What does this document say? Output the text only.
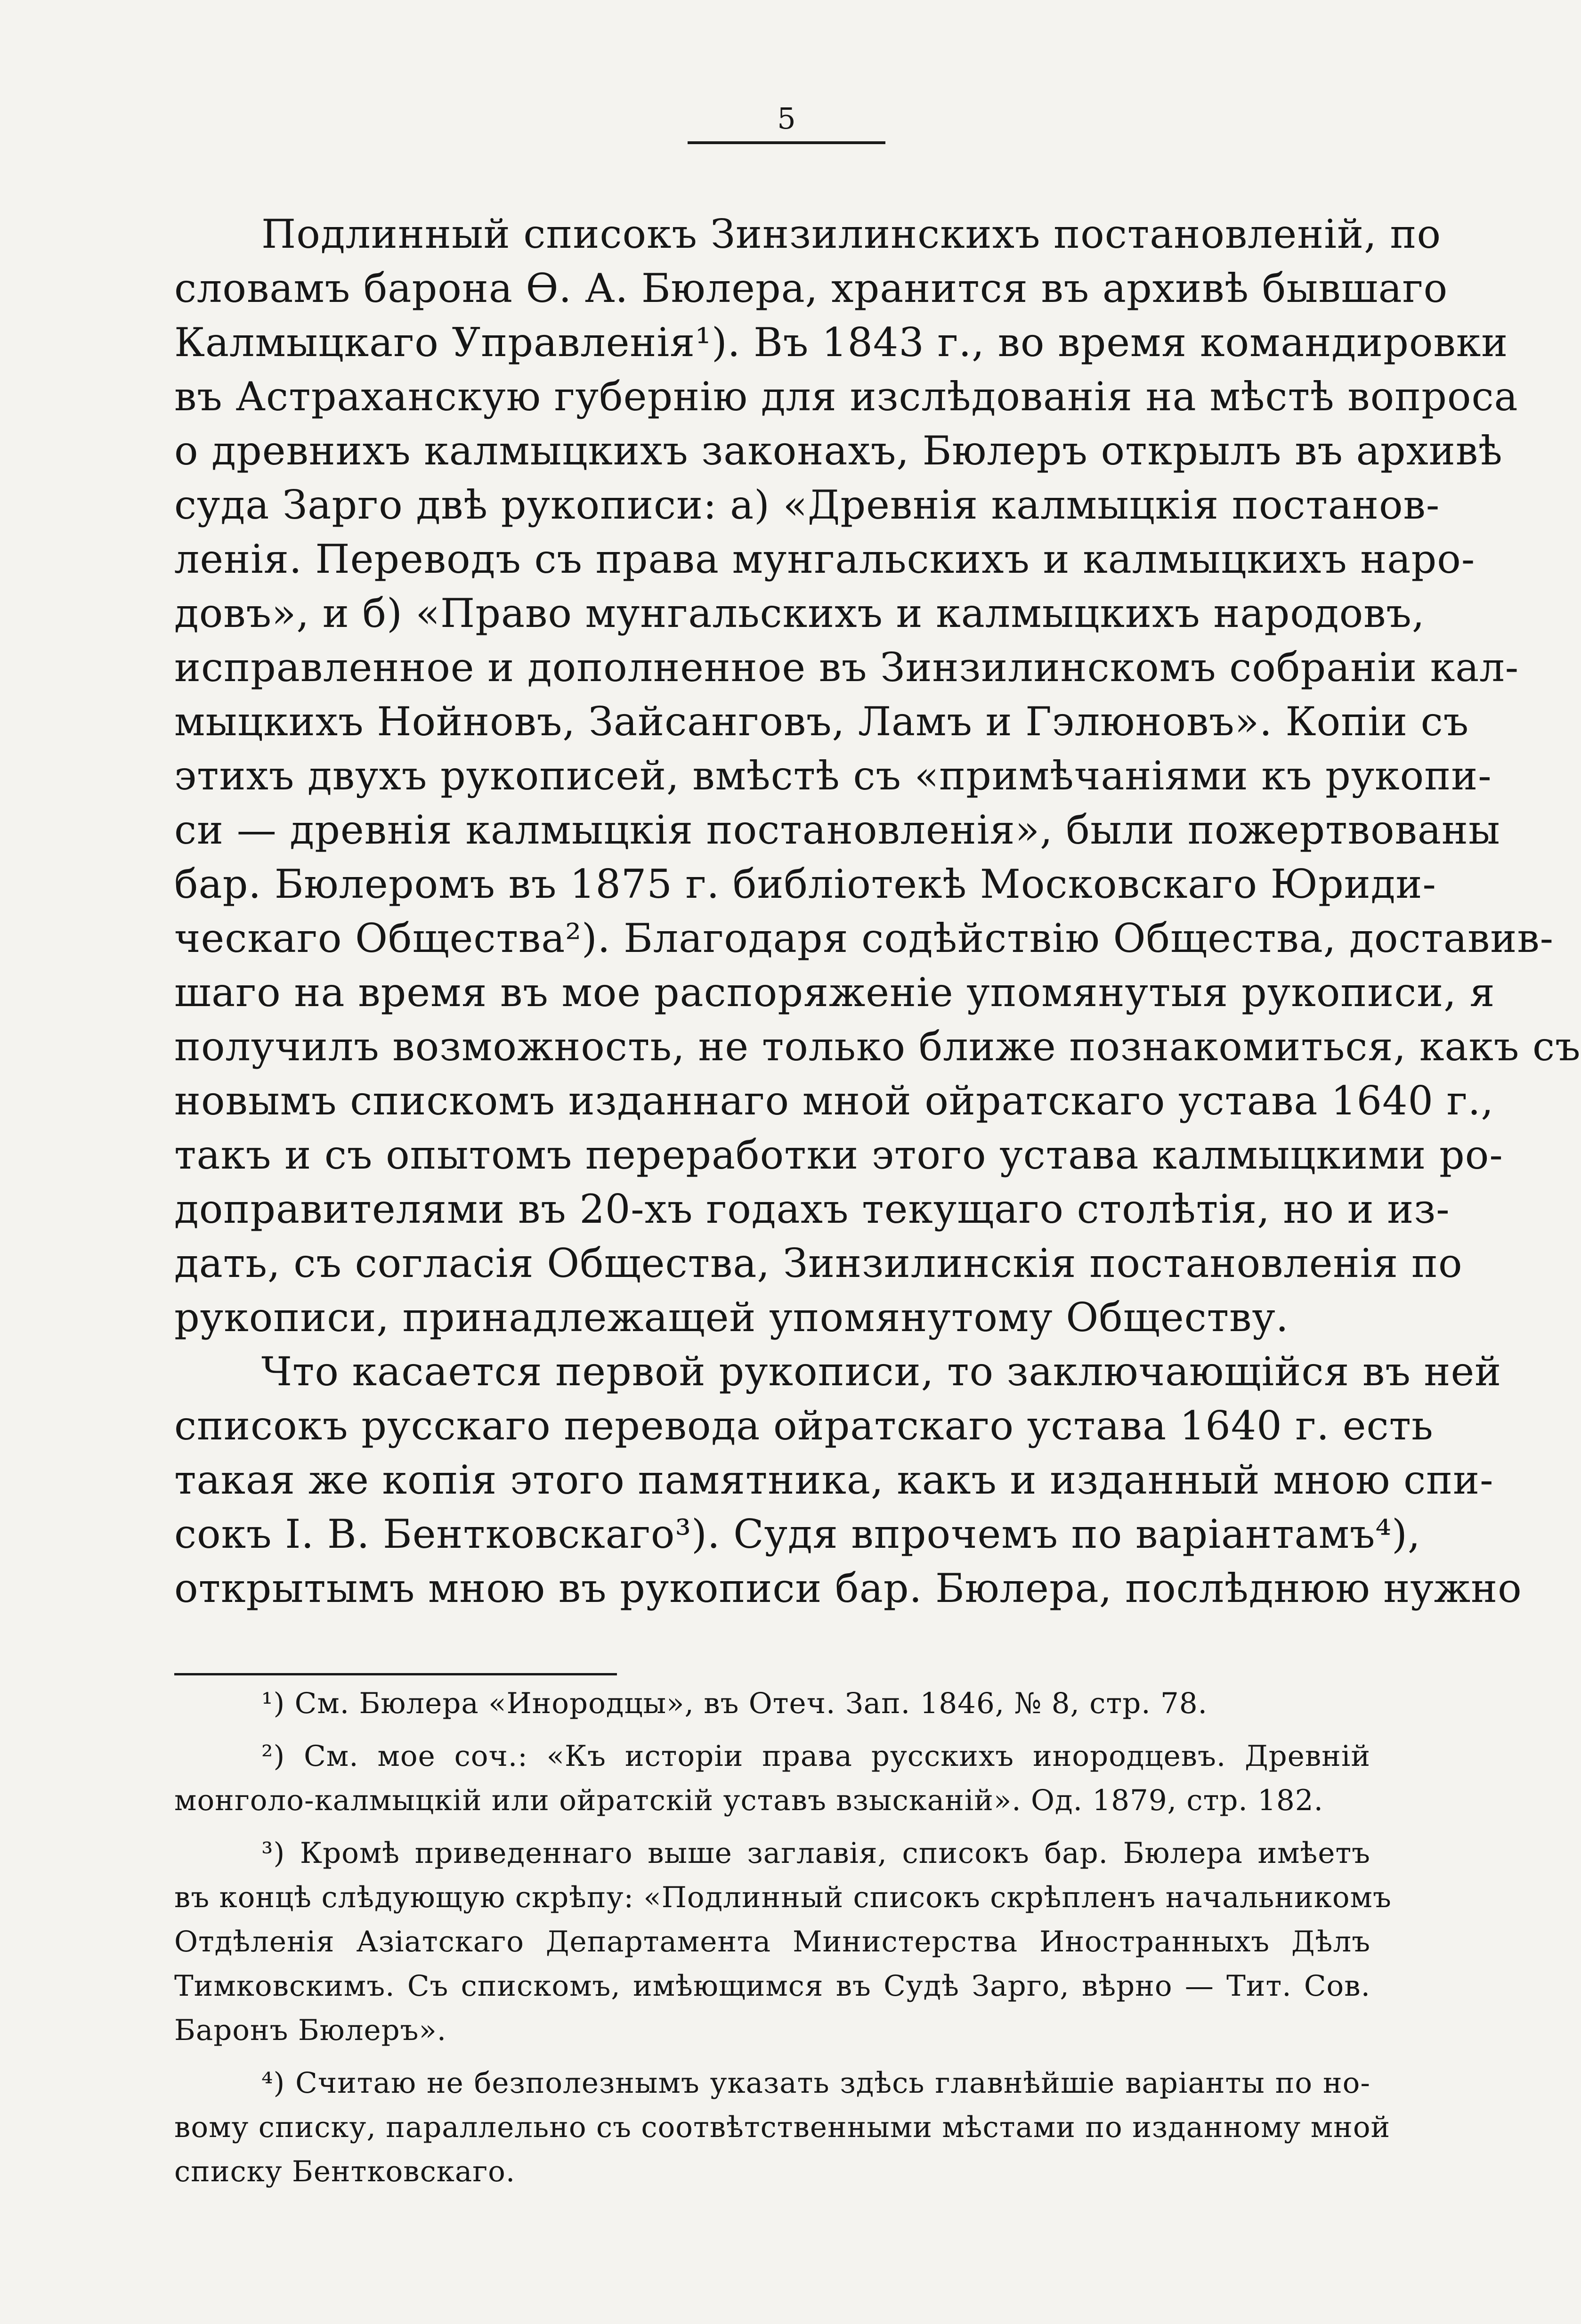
5
Подлинный списокъ Зинзилинскихъ постановленій, по
словамъ барона Ѳ. А. Бюлера, хранится въ архивѣ бывшаго
Калмыцкаго Управленія¹). Въ 1843 г., во время командировки
въ Астраханскую губернію для изслѣдованія на мѣстѣ вопроса
о древнихъ калмыцкихъ законахъ, Бюлеръ открылъ въ архивѣ
суда Зарго двѣ рукописи: а) «Древнія калмыцкія постанов-
ленія. Переводъ съ права мунгальскихъ и калмыцкихъ наро-
довъ», и б) «Право мунгальскихъ и калмыцкихъ народовъ,
исправленное и дополненное въ Зинзилинскомъ собраніи кал-
мыцкихъ Нойновъ, Зайсанговъ, Ламъ и Гэлюновъ». Копіи съ
этихъ двухъ рукописей, вмѣстѣ съ «примѣчаніями къ рукопи-
си — древнія калмыцкія постановленія», были пожертвованы
бар. Бюлеромъ въ 1875 г. библіотекѣ Московскаго Юриди-
ческаго Общества²). Благодаря содѣйствію Общества, доставив-
шаго на время въ мое распоряженіе упомянутыя рукописи, я
получилъ возможность, не только ближе познакомиться, какъ съ
новымъ спискомъ изданнаго мной ойратскаго устава 1640 г.,
такъ и съ опытомъ переработки этого устава калмыцкими ро-
доправителями въ 20-хъ годахъ текущаго столѣтія, но и из-
дать, съ согласія Общества, Зинзилинскія постановленія по
рукописи, принадлежащей упомянутому Обществу.
Что касается первой рукописи, то заключающійся въ ней
списокъ русскаго перевода ойратскаго устава 1640 г. есть
такая же копія этого памятника, какъ и изданный мною спи-
сокъ І. В. Бентковскаго³). Судя впрочемъ по варіантамъ⁴),
открытымъ мною въ рукописи бар. Бюлера, послѣднюю нужно
¹) См. Бюлера «Инородцы», въ Отеч. Зап. 1846, № 8, стр. 78.
²) См. мое соч.: «Къ исторіи права русскихъ инородцевъ. Древній
монголо-калмыцкій или ойратскій уставъ взысканій». Од. 1879, стр. 182.
³) Кромѣ приведеннаго выше заглавія, списокъ бар. Бюлера имѣетъ
въ концѣ слѣдующую скрѣпу: «Подлинный списокъ скрѣпленъ начальникомъ
Отдѣленія Азіатскаго Департамента Министерства Иностранныхъ Дѣлъ
Тимковскимъ. Съ спискомъ, имѣющимся въ Судѣ Зарго, вѣрно — Тит. Сов.
Баронъ Бюлеръ».
⁴) Считаю не безполезнымъ указать здѣсь главнѣйшіе варіанты по но-
вому списку, параллельно съ соотвѣтственными мѣстами по изданному мной
списку Бентковскаго.
